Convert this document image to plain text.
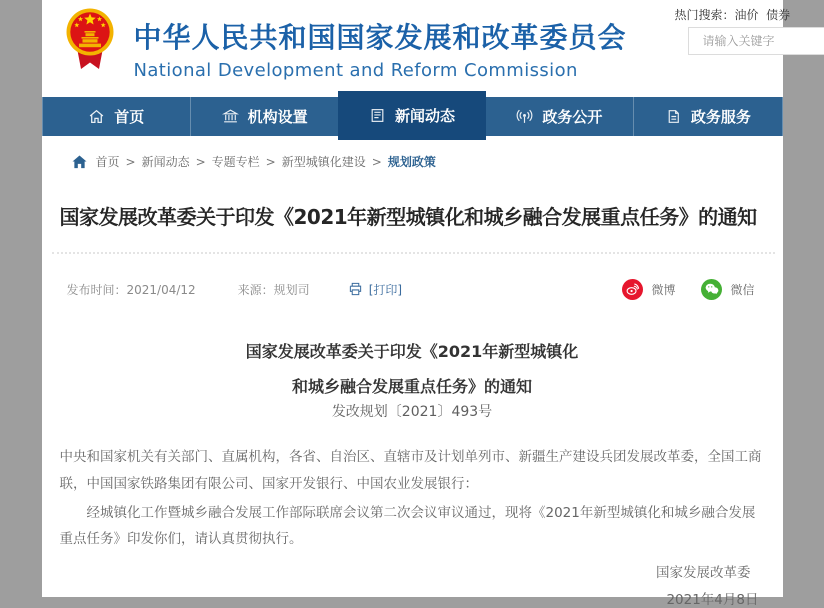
中华人民共和国国家发展和改革委员会
National Development and Reform Commission
热门搜索：油价  债券
请输入关键字
首页	机构设置	新闻动态	政务公开	政务服务
首页 > 新闻动态 > 专题专栏 > 新型城镇化建设 > 规划政策
国家发展改革委关于印发《2021年新型城镇化和城乡融合发展重点任务》的通知
发布时间：2021/04/12	来源：规划司	[打印]	微博	微信
国家发展改革委关于印发《2021年新型城镇化
和城乡融合发展重点任务》的通知
发改规划〔2021〕493号

中央和国家机关有关部门、直属机构，各省、自治区、直辖市及计划单列市、新疆生产建设兵团发展改革委，全国工商联，中国国家铁路集团有限公司、国家开发银行、中国农业发展银行：

经城镇化工作暨城乡融合发展工作部际联席会议第二次会议审议通过，现将《2021年新型城镇化和城乡融合发展重点任务》印发你们，请认真贯彻执行。

国家发展改革委
2021年4月8日
